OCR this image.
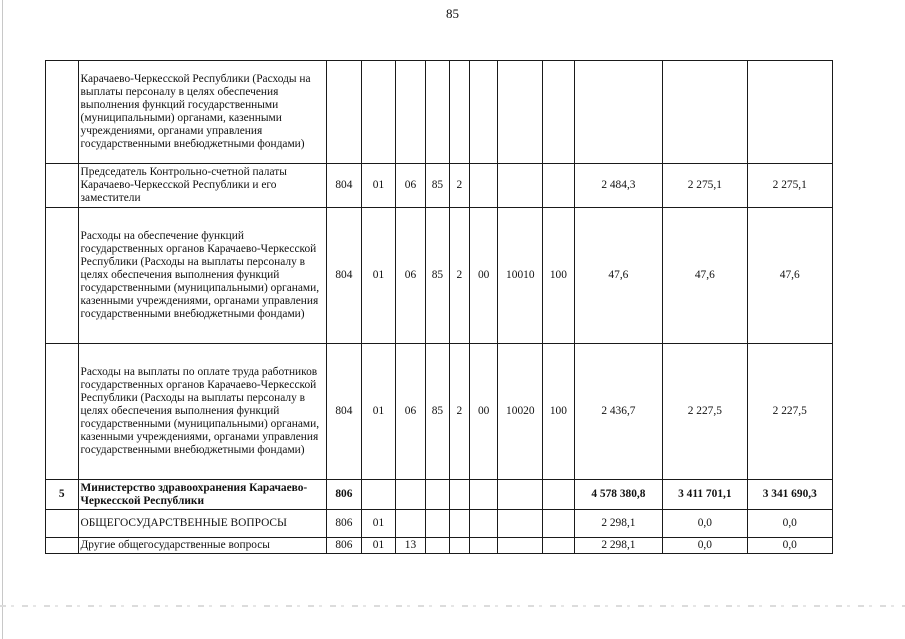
85
	Карачаево-Черкесской Республики (Расходы на выплаты персоналу в целях обеспечения выполнения функций государственными (муниципальными) органами, казенными учреждениями, органами управления государственными внебюджетными фондами)											
	Председатель Контрольно-счетной палаты Карачаево-Черкесской Республики и его заместители	804	01	06	85	2				2 484,3	2 275,1	2 275,1
	Расходы на обеспечение функций государственных органов Карачаево-Черкесской Республики (Расходы на выплаты персоналу в целях обеспечения выполнения функций государственными (муниципальными) органами, казенными учреждениями, органами управления государственными внебюджетными фондами)	804	01	06	85	2	00	10010	100	47,6	47,6	47,6
	Расходы на выплаты по оплате труда работников государственных органов Карачаево-Черкесской Республики (Расходы на выплаты персоналу в целях обеспечения выполнения функций государственными (муниципальными) органами, казенными учреждениями, органами управления государственными внебюджетными фондами)	804	01	06	85	2	00	10020	100	2 436,7	2 227,5	2 227,5
5	Министерство здравоохранения Карачаево-Черкесской Республики	806								4 578 380,8	3 411 701,1	3 341 690,3
	ОБЩЕГОСУДАРСТВЕННЫЕ ВОПРОСЫ	806	01							2 298,1	0,0	0,0
	Другие общегосударственные вопросы	806	01	13						2 298,1	0,0	0,0
